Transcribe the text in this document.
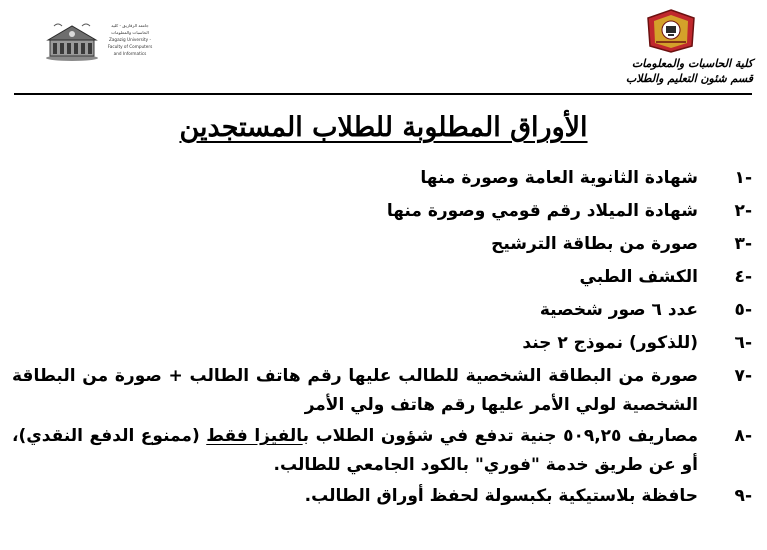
كلية الحاسبات والمعلومات
قسم شئون التعليم والطلاب
جامعة الزقازيق - كلية الحاسبات والمعلومات
Zagazig University - Faculty of Computers and Informatics
الأوراق المطلوبة للطلاب المستجدين
-١
شهادة الثانوية العامة وصورة منها
-٢
شهادة الميلاد رقم قومي وصورة منها
-٣
صورة من بطاقة الترشيح
-٤
الكشف الطبي
-٥
عدد ٦ صور شخصية
-٦
(للذكور) نموذج ٢ جند
-٧
صورة من البطاقة الشخصية للطالب عليها رقم هاتف الطالب + صورة من البطاقة الشخصية لولي الأمر عليها رقم هاتف ولي الأمر
-٨
مصاريف ٥٠٩,٢٥ جنية تدفع في شؤون الطلاب بالفيزا فقط (ممنوع الدفع النقدي)، أو عن طريق خدمة "فوري" بالكود الجامعي للطالب.
-٩
حافظة بلاستيكية بكبسولة لحفظ أوراق الطالب.
